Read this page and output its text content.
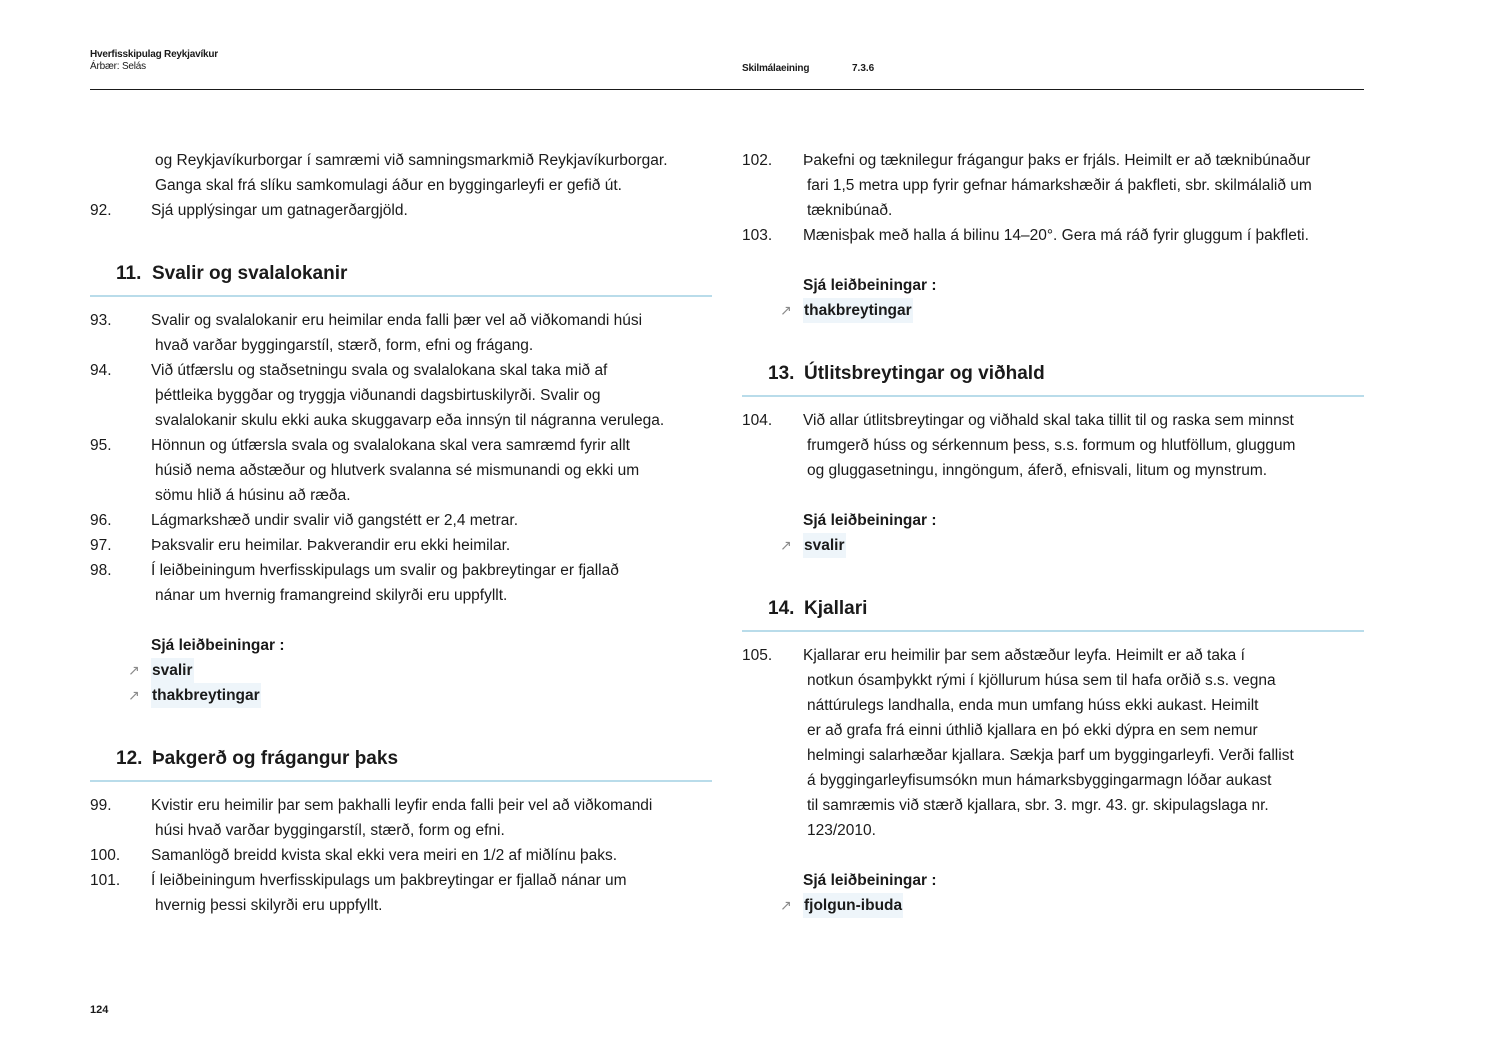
Hverfisskipulag Reykjavíkur
Árbær: Selás	Skilmálaeining	7.3.6
og Reykjavíkurborgar í samræmi við samningsmarkmið Reykjavíkurborgar.
Ganga skal frá slíku samkomulagi áður en byggingarleyfi er gefið út.
92.	Sjá upplýsingar um gatnagerðargjöld.
11. Svalir og svalalokanir
93.	Svalir og svalalokanir eru heimilar enda falli þær vel að viðkomandi húsi
hvað varðar byggingarstíl, stærð, form, efni og frágang.
94.	Við útfærslu og staðsetningu svala og svalalokana skal taka mið af
þéttleika byggðar og tryggja viðunandi dagsbirtuskilyrði. Svalir og
svalalokanir skulu ekki auka skuggavarp eða innsýn til nágranna verulega.
95.	Hönnun og útfærsla svala og svalalokana skal vera samræmd fyrir allt
húsið nema aðstæður og hlutverk svalanna sé mismunandi og ekki um
sömu hlið á húsinu að ræða.
96.	Lágmarkshæð undir svalir við gangstétt er 2,4 metrar.
97.	Þaksvalir eru heimilar. Þakverandir eru ekki heimilar.
98.	Í leiðbeiningum hverfisskipulags um svalir og þakbreytingar er fjallað
nánar um hvernig framangreind skilyrði eru uppfyllt.
Sjá leiðbeiningar :
↗ svalir
↗ thakbreytingar
12. Þakgerð og frágangur þaks
99.	Kvistir eru heimilir þar sem þakhalli leyfir enda falli þeir vel að viðkomandi
húsi hvað varðar byggingarstíl, stærð, form og efni.
100. Samanlögð breidd kvista skal ekki vera meiri en 1/2 af miðlínu þaks.
101. Í leiðbeiningum hverfisskipulags um þakbreytingar er fjallað nánar um
hvernig þessi skilyrði eru uppfyllt.
102. Þakefni og tæknilegur frágangur þaks er frjáls. Heimilt er að tæknibúnaður
fari 1,5 metra upp fyrir gefnar hámarkshæðir á þakfleti, sbr. skilmálalið um
tæknibúnað.
103. Mænisþak með halla á bilinu 14–20°. Gera má ráð fyrir gluggum í þakfleti.
Sjá leiðbeiningar :
↗ thakbreytingar
13. Útlitsbreytingar og viðhald
104. Við allar útlitsbreytingar og viðhald skal taka tillit til og raska sem minnst
frumgerð húss og sérkennum þess, s.s. formum og hlutföllum, gluggum
og gluggasetningu, inngöngum, áferð, efnisvali, litum og mynstrum.
Sjá leiðbeiningar :
↗ svalir
14. Kjallari
105. Kjallarar eru heimilir þar sem aðstæður leyfa. Heimilt er að taka í
notkun ósamþykkt rými í kjöllurum húsa sem til hafa orðið s.s. vegna
náttúrulegs landhalla, enda mun umfang húss ekki aukast. Heimilt
er að grafa frá einni úthlið kjallara en þó ekki dýpra en sem nemur
helmingi salarhæðar kjallara. Sækja þarf um byggingarleyfi. Verði fallist
á byggingarleyfisumsókn mun hámarksbyggingarmagn lóðar aukast
til samræmis við stærð kjallara, sbr. 3. mgr. 43. gr. skipulagslaga nr.
123/2010.
Sjá leiðbeiningar :
↗ fjolgun-ibuda
124
